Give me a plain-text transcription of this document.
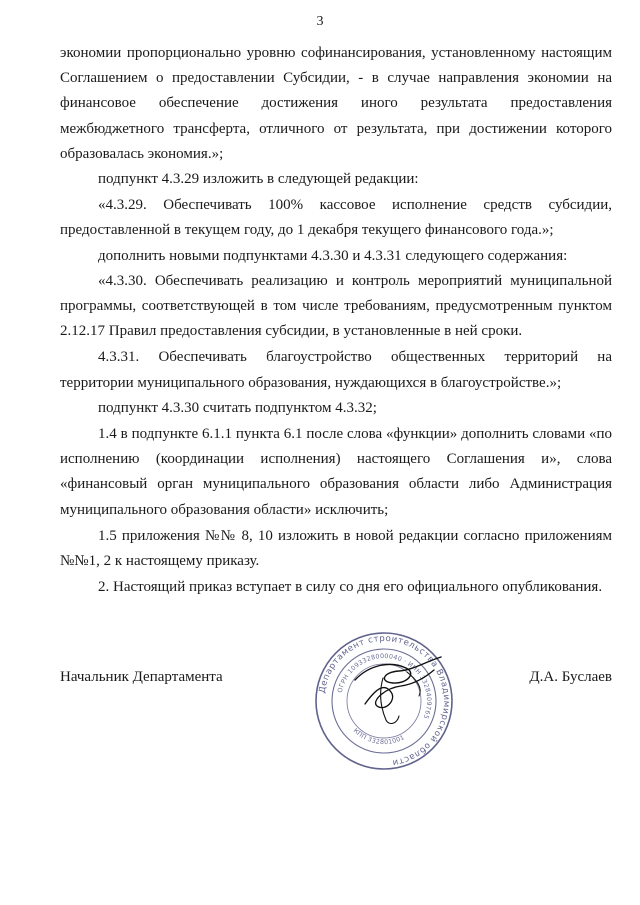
3

экономии пропорционально уровню софинансирования, установленному настоящим Соглашением о предоставлении Субсидии, - в случае направления экономии на финансовое обеспечение достижения иного результата предоставления межбюджетного трансферта, отличного от результата, при достижении которого образовалась экономия.»;

подпункт 4.3.29 изложить в следующей редакции:

«4.3.29. Обеспечивать 100% кассовое исполнение средств субсидии, предоставленной в текущем году, до 1 декабря текущего финансового года.»;

дополнить новыми подпунктами 4.3.30 и 4.3.31 следующего содержания:

«4.3.30. Обеспечивать реализацию и контроль мероприятий муниципальной программы, соответствующей в том числе требованиям, предусмотренным пунктом 2.12.17 Правил предоставления субсидии, в установленные в ней сроки.

4.3.31. Обеспечивать благоустройство общественных территорий на территории муниципального образования, нуждающихся в благоустройстве.»;

подпункт 4.3.30 считать подпунктом 4.3.32;

1.4 в подпункте 6.1.1 пункта 6.1 после слова «функции» дополнить словами «по исполнению (координации исполнения) настоящего Соглашения и», слова «финансовый орган муниципального образования области либо Администрация муниципального образования области» исключить;

1.5 приложения №№ 8, 10 изложить в новой редакции согласно приложениям №№1, 2 к настоящему приказу.

2. Настоящий приказ вступает в силу со дня его официального опубликования.

Начальник Департамента	Д.А. Буслаев
Департамент строительства Владимирской области
ОГРН 1093328000040 · ИНН 3328409765
КПП 332801001
